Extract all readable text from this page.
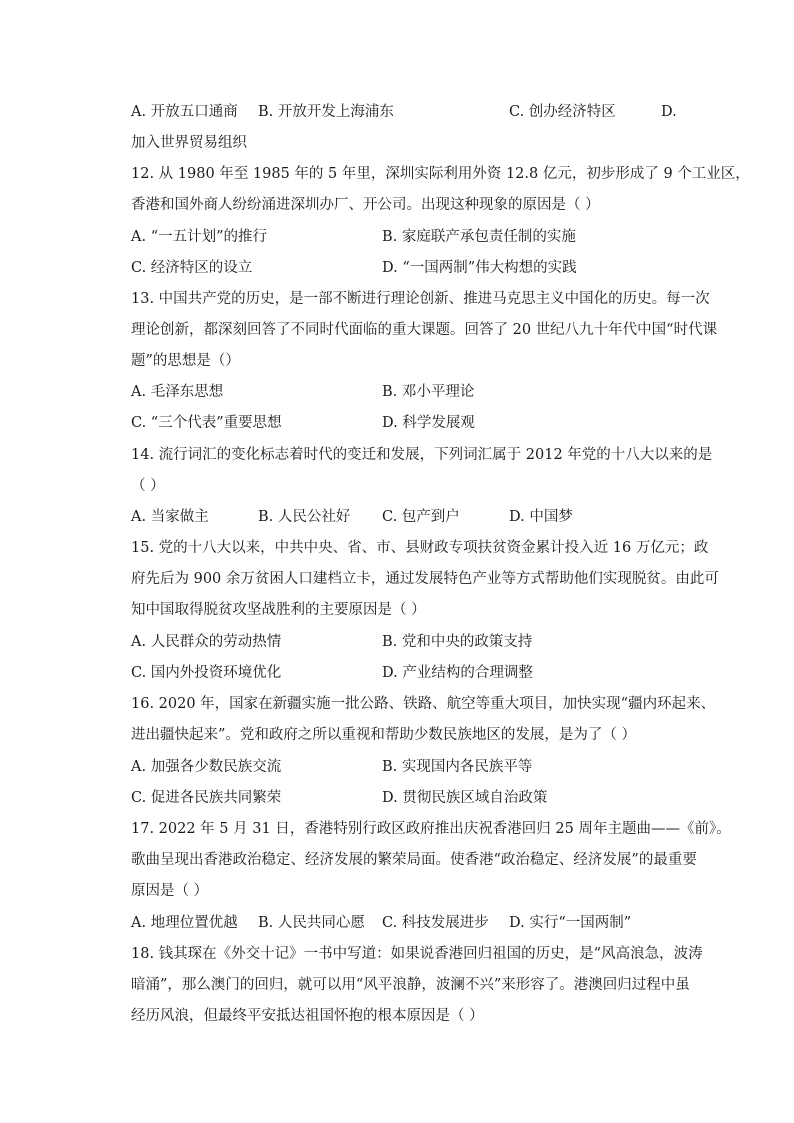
A. 开放五口通商 B. 开放开发上海浦东	C. 创办经济特区	D.
加入世界贸易组织
12. 从 1980 年至 1985 年的 5 年里，深圳实际利用外资 12.8 亿元，初步形成了 9 个工业区，
香港和国外商人纷纷涌进深圳办厂、开公司。出现这种现象的原因是（ ）
A. “一五计划”的推行	B. 家庭联产承包责任制的实施
C. 经济特区的设立	D. “一国两制”伟大构想的实践
13. 中国共产党的历史，是一部不断进行理论创新、推进马克思主义中国化的历史。每一次
理论创新，都深刻回答了不同时代面临的重大课题。回答了 20 世纪八九十年代中国“时代课
题”的思想是（）
A. 毛泽东思想	B. 邓小平理论
C. “三个代表”重要思想	D. 科学发展观
14. 流行词汇的变化标志着时代的变迁和发展，下列词汇属于 2012 年党的十八大以来的是
（ ）
A. 当家做主	B. 人民公社好 C. 包产到户	D. 中国梦
15. 党的十八大以来，中共中央、省、市、县财政专项扶贫资金累计投入近 16 万亿元；政
府先后为 900 余万贫困人口建档立卡，通过发展特色产业等方式帮助他们实现脱贫。由此可
知中国取得脱贫攻坚战胜利的主要原因是（ ）
A. 人民群众的劳动热情	B. 党和中央的政策支持
C. 国内外投资环境优化	D. 产业结构的合理调整
16. 2020 年，国家在新疆实施一批公路、铁路、航空等重大项目，加快实现“疆内环起来、
进出疆快起来”。党和政府之所以重视和帮助少数民族地区的发展，是为了（ ）
A. 加强各少数民族交流	B. 实现国内各民族平等
C. 促进各民族共同繁荣	D. 贯彻民族区域自治政策
17. 2022 年 5 月 31 日，香港特别行政区政府推出庆祝香港回归 25 周年主题曲——《前》。
歌曲呈现出香港政治稳定、经济发展的繁荣局面。使香港“政治稳定、经济发展”的最重要
原因是（ ）
A. 地理位置优越 B. 人民共同心愿 C. 科技发展进步 D. 实行“一国两制”
18. 钱其琛在《外交十记》一书中写道：如果说香港回归祖国的历史，是“风高浪急，波涛
暗涌”，那么澳门的回归，就可以用“风平浪静，波澜不兴”来形容了。港澳回归过程中虽
经历风浪，但最终平安抵达祖国怀抱的根本原因是（ ）
